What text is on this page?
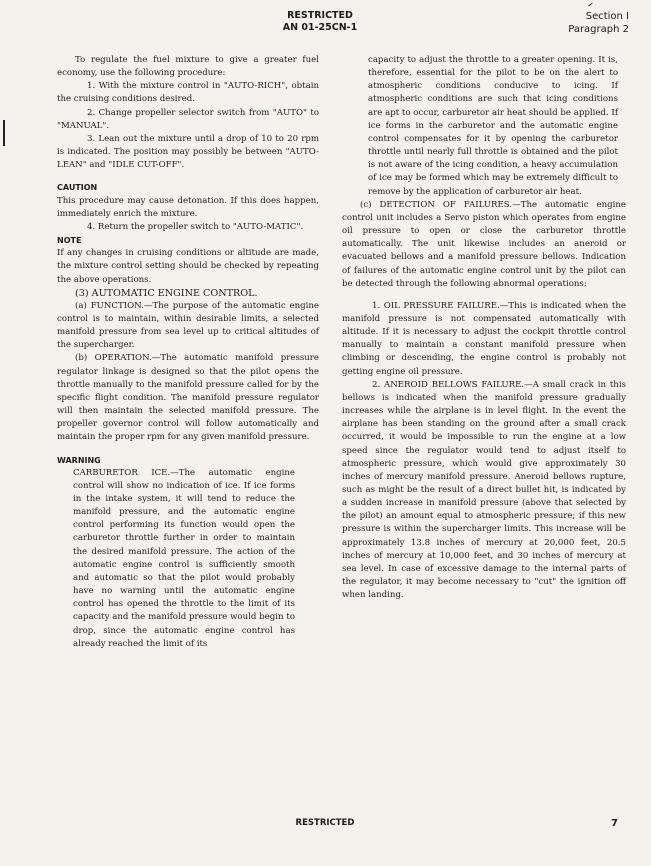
RESTRICTED
AN 01-25CN-1
Section I
Paragraph 2

To regulate the fuel mixture to give a greater fuel economy, use the following procedure:

1. With the mixture control in "AUTO-RICH", obtain the cruising conditions desired.

2. Change propeller selector switch from "AUTO" to "MANUAL".

3. Lean out the mixture until a drop of 10 to 20 rpm is indicated. The position may possibly be between "AUTO-LEAN" and "IDLE CUT-OFF".

CAUTION

This procedure may cause detonation. If this does happen, immediately enrich the mixture.

4. Return the propeller switch to "AUTO-MATIC".

NOTE

If any changes in cruising conditions or altitude are made, the mixture control setting should be checked by repeating the above operations.

(3) AUTOMATIC ENGINE CONTROL.

(a) FUNCTION.—The purpose of the automatic engine control is to maintain, within desirable limits, a selected manifold pressure from sea level up to critical altitudes of the supercharger.

(b) OPERATION.—The automatic manifold pressure regulator linkage is designed so that the pilot opens the throttle manually to the manifold pressure called for by the specific flight condition. The manifold pressure regulator will then maintain the selected manifold pressure. The propeller governor control will follow automatically and maintain the proper rpm for any given manifold pressure.

WARNING

CARBURETOR ICE.—The automatic engine control will show no indication of ice. If ice forms in the intake system, it will tend to reduce the manifold pressure, and the automatic engine control performing its function would open the carburetor throttle further in order to maintain the desired manifold pressure. The action of the automatic engine control is sufficiently smooth and automatic so that the pilot would probably have no warning until the automatic engine control has opened the throttle to the limit of its capacity and the manifold pressure would begin to drop, since the automatic engine control has already reached the limit of its

capacity to adjust the throttle to a greater opening. It is, therefore, essential for the pilot to be on the alert to atmospheric conditions conducive to icing. If atmospheric conditions are such that icing conditions are apt to occur, carburetor air heat should be applied. If ice forms in the carburetor and the automatic engine control compensates for it by opening the carburetor throttle until nearly full throttle is obtained and the pilot is not aware of the icing condition, a heavy accumulation of ice may be formed which may be extremely difficult to remove by the application of carburetor air heat.

(c) DETECTION OF FAILURES.—The automatic engine control unit includes a Servo piston which operates from engine oil pressure to open or close the carburetor throttle automatically. The unit likewise includes an aneroid or evacuated bellows and a manifold pressure bellows. Indication of failures of the automatic engine control unit by the pilot can be detected through the following abnormal operations:

1. OIL PRESSURE FAILURE.—This is indicated when the manifold pressure is not compensated automatically with altitude. If it is necessary to adjust the cockpit throttle control manually to maintain a constant manifold pressure when climbing or descending, the engine control is probably not getting engine oil pressure.

2. ANEROID BELLOWS FAILURE.—A small crack in this bellows is indicated when the manifold pressure gradually increases while the airplane is in level flight. In the event the airplane has been standing on the ground after a small crack occurred, it would be impossible to run the engine at a low speed since the regulator would tend to adjust itself to atmospheric pressure, which would give approximately 30 inches of mercury manifold pressure. Aneroid bellows rupture, such as might be the result of a direct bullet hit, is indicated by a sudden increase in manifold pressure (above that selected by the pilot) an amount equal to atmospheric pressure; if this new pressure is within the supercharger limits. This increase will be approximately 13.8 inches of mercury at 20,000 feet, 20.5 inches of mercury at 10,000 feet, and 30 inches of mercury at sea level. In case of excessive damage to the internal parts of the regulator, it may become necessary to "cut" the ignition off when landing.

RESTRICTED	7
